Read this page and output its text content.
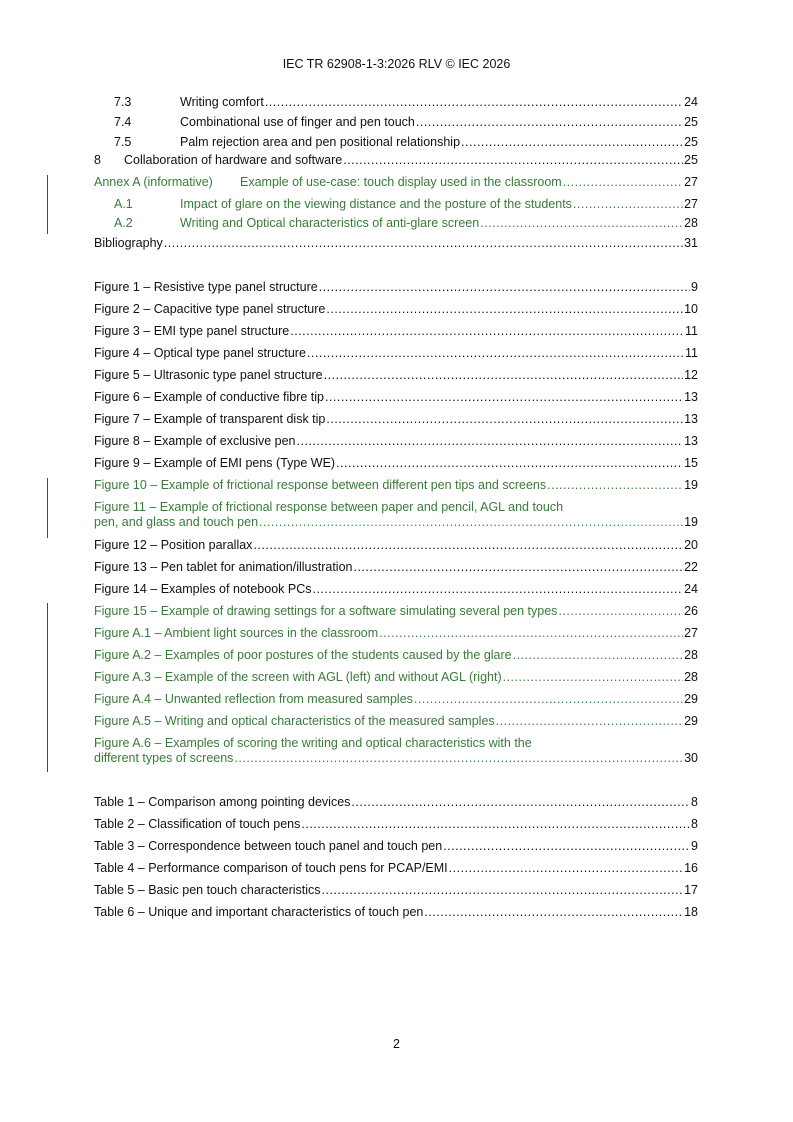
IEC TR 62908-1-3:2026 RLV © IEC 2026
7.3	Writing comfort .....	24
7.4	Combinational use of finger and pen touch .....	25
7.5	Palm rejection area and pen positional relationship .....	25
8	Collaboration of hardware and software .....	25
Annex A (informative)	Example of use-case: touch display used in the classroom .....	27
A.1	Impact of glare on the viewing distance and the posture of the students .....	27
A.2	Writing and Optical characteristics of anti-glare screen .....	28
Bibliography .....	31
Figure 1 – Resistive type panel structure .....	9
Figure 2 – Capacitive type panel structure .....	10
Figure 3 – EMI type panel structure .....	11
Figure 4 – Optical type panel structure .....	11
Figure 5 – Ultrasonic type panel structure .....	12
Figure 6 – Example of conductive fibre tip .....	13
Figure 7 – Example of transparent disk tip .....	13
Figure 8 – Example of exclusive pen .....	13
Figure 9 – Example of EMI pens (Type WE) .....	15
Figure 10 – Example of frictional response between different pen tips and screens .....	19
Figure 11 – Example of frictional response between paper and pencil, AGL and touch
pen, and glass and touch pen .....	19
Figure 12 – Position parallax .....	20
Figure 13 – Pen tablet for animation/illustration .....	22
Figure 14 – Examples of notebook PCs .....	24
Figure 15 – Example of drawing settings for a software simulating several pen types .....	26
Figure A.1 – Ambient light sources in the classroom .....	27
Figure A.2 – Examples of poor postures of the students caused by the glare .....	28
Figure A.3 – Example of the screen with AGL (left) and without AGL (right) .....	28
Figure A.4 – Unwanted reflection from measured samples .....	29
Figure A.5 – Writing and optical characteristics of the measured samples .....	29
Figure A.6 – Examples of scoring the writing and optical characteristics with the
different types of screens .....	30
Table 1 – Comparison among pointing devices .....	8
Table 2 – Classification of touch pens .....	8
Table 3 – Correspondence between touch panel and touch pen .....	9
Table 4 – Performance comparison of touch pens for PCAP/EMI .....	16
Table 5 – Basic pen touch characteristics .....	17
Table 6 – Unique and important characteristics of touch pen .....	18
2
